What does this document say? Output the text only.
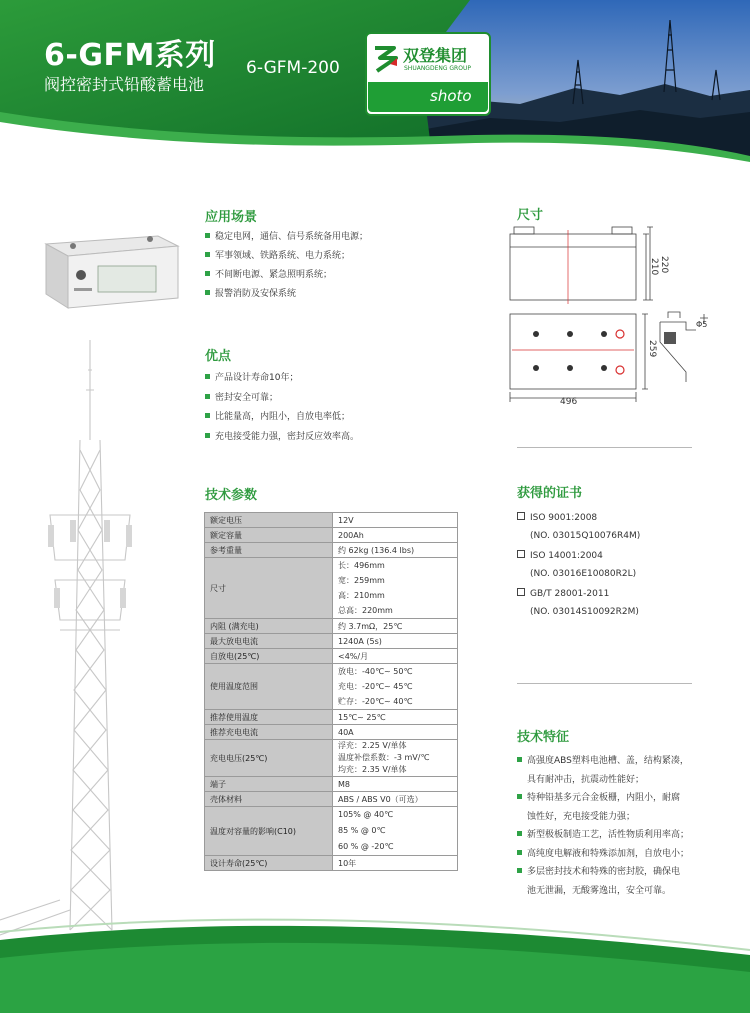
6-GFM系列
阀控密封式铅酸蓄电池
6-GFM-200
双登集团
SHUANGDENG GROUP
shoto
应用场景
稳定电网，通信、信号系统备用电源；
军事领域、铁路系统、电力系统；
不间断电源、紧急照明系统；
报警消防及安保系统
优点
产品设计寿命10年；
密封安全可靠；
比能量高，内阻小，自放电率低；
充电接受能力强，密封反应效率高。
尺寸
210 220
259
496
Φ5
技术参数
额定电压	12V
额定容量	200Ah
参考重量	约 62kg (136.4 lbs)
尺寸	长：496mm
宽：259mm
高：210mm
总高：220mm

内阻 (满充电)	约 3.7mΩ，25℃
最大放电电流	1240A (5s)
自放电(25℃)	<4%/月
使用温度范围	放电：-40℃~ 50℃
充电：-20℃~ 45℃
贮存：-20℃~ 40℃

推荐使用温度	15℃~ 25℃
推荐充电电流	40A
充电电压(25℃)	浮充：2.25 V/单体
温度补偿系数：-3 mV/℃
均充：2.35 V/单体

端子	M8
壳体材料	ABS / ABS V0（可选）
温度对容量的影响(C10)	105% @ 40℃
85 % @ 0℃
60 % @ -20℃

设计寿命(25℃)	10年
获得的证书
ISO 9001:2008
(NO. 03015Q10076R4M)
ISO 14001:2004
(NO. 03016E10080R2L)
GB/T 28001-2011
(NO. 03014S10092R2M)
技术特征
高强度ABS塑料电池槽、盖，结构紧凑，
具有耐冲击，抗震动性能好；
特种铅基多元合金板栅，内阻小，耐腐
蚀性好，充电接受能力强；
新型极板制造工艺，活性物质利用率高；
高纯度电解液和特殊添加剂，自放电小；
多层密封技术和特殊的密封胶，确保电
池无泄漏，无酸雾逸出，安全可靠。
